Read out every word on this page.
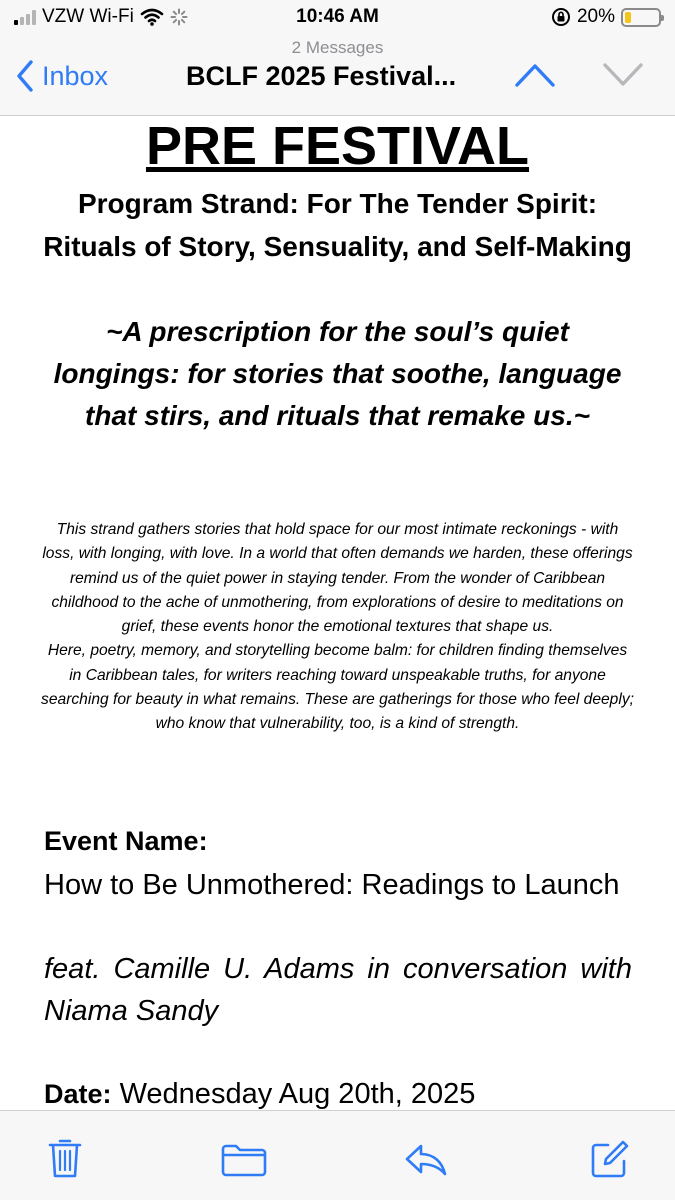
VZW Wi-Fi	10:46 AM	20%
2 Messages
Inbox	BCLF 2025 Festival...
PRE FESTIVAL
Program Strand: For The Tender Spirit: Rituals of Story, Sensuality, and Self-Making
~A prescription for the soul’s quiet longings: for stories that soothe, language that stirs, and rituals that remake us.~
This strand gathers stories that hold space for our most intimate reckonings - with loss, with longing, with love. In a world that often demands we harden, these offerings remind us of the quiet power in staying tender. From the wonder of Caribbean childhood to the ache of unmothering, from explorations of desire to meditations on grief, these events honor the emotional textures that shape us.
Here, poetry, memory, and storytelling become balm: for children finding themselves in Caribbean tales, for writers reaching toward unspeakable truths, for anyone searching for beauty in what remains. These are gatherings for those who feel deeply; who know that vulnerability, too, is a kind of strength.
Event Name:
How to Be Unmothered: Readings to Launch
feat. Camille U. Adams in conversation with Niama Sandy
Date: Wednesday Aug 20th, 2025
